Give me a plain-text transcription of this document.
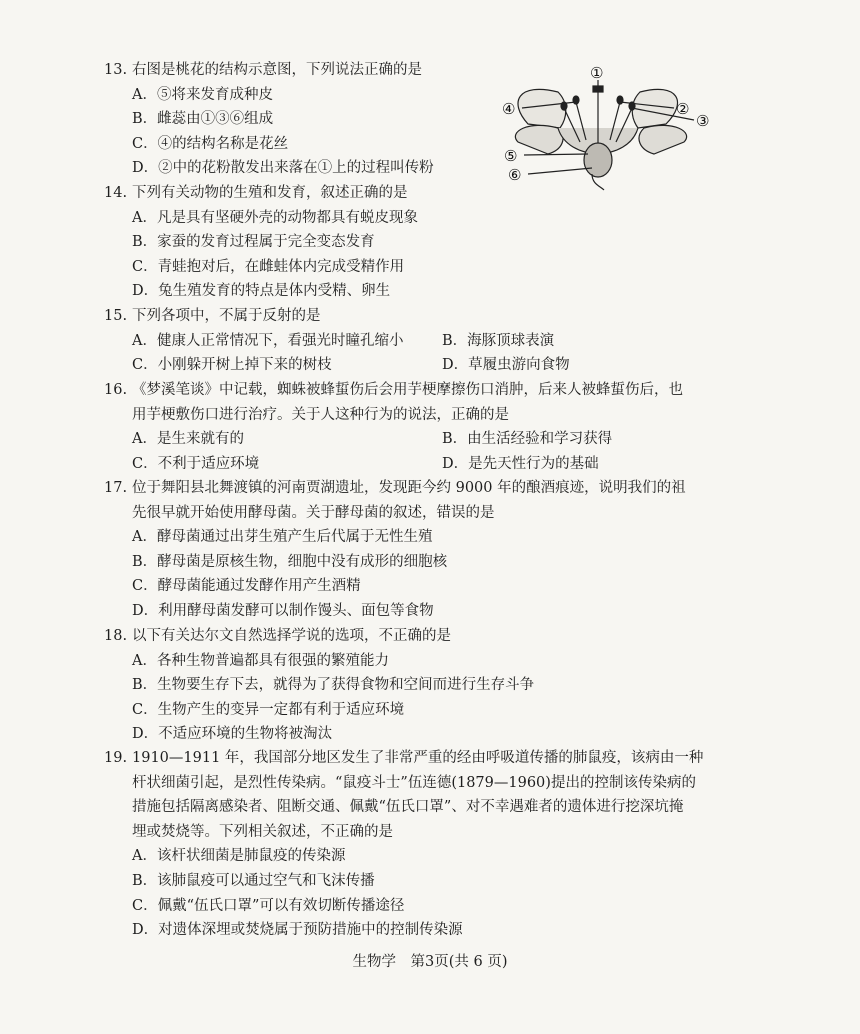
13. 右图是桃花的结构示意图，下列说法正确的是
A．⑤将来发育成种皮
B．雌蕊由①③⑥组成
C．④的结构名称是花丝
D．②中的花粉散发出来落在①上的过程叫传粉
①
②
③
④
⑤
⑥
14. 下列有关动物的生殖和发育，叙述正确的是
A．凡是具有坚硬外壳的动物都具有蜕皮现象
B．家蚕的发育过程属于完全变态发育
C．青蛙抱对后，在雌蛙体内完成受精作用
D．兔生殖发育的特点是体内受精、卵生
15. 下列各项中，不属于反射的是
A．健康人正常情况下，看强光时瞳孔缩小	B．海豚顶球表演
C．小刚躲开树上掉下来的树枝	D．草履虫游向食物
16. 《梦溪笔谈》中记载，蜘蛛被蜂蜇伤后会用芋梗摩擦伤口消肿，后来人被蜂蜇伤后，也
用芋梗敷伤口进行治疗。关于人这种行为的说法，正确的是
A．是生来就有的	B．由生活经验和学习获得
C．不利于适应环境	D．是先天性行为的基础
17. 位于舞阳县北舞渡镇的河南贾湖遗址，发现距今约 9000 年的酿酒痕迹，说明我们的祖
先很早就开始使用酵母菌。关于酵母菌的叙述，错误的是
A．酵母菌通过出芽生殖产生后代属于无性生殖
B．酵母菌是原核生物，细胞中没有成形的细胞核
C．酵母菌能通过发酵作用产生酒精
D．利用酵母菌发酵可以制作馒头、面包等食物
18. 以下有关达尔文自然选择学说的选项，不正确的是
A．各种生物普遍都具有很强的繁殖能力
B．生物要生存下去，就得为了获得食物和空间而进行生存斗争
C．生物产生的变异一定都有利于适应环境
D．不适应环境的生物将被淘汰
19. 1910—1911 年，我国部分地区发生了非常严重的经由呼吸道传播的肺鼠疫，该病由一种
杆状细菌引起，是烈性传染病。“鼠疫斗士”伍连德(1879—1960)提出的控制该传染病的
措施包括隔离感染者、阻断交通、佩戴“伍氏口罩”、对不幸遇难者的遗体进行挖深坑掩
埋或焚烧等。下列相关叙述，不正确的是
A．该杆状细菌是肺鼠疫的传染源
B．该肺鼠疫可以通过空气和飞沫传播
C．佩戴“伍氏口罩”可以有效切断传播途径
D．对遗体深埋或焚烧属于预防措施中的控制传染源
生物学　第3页(共 6 页)
